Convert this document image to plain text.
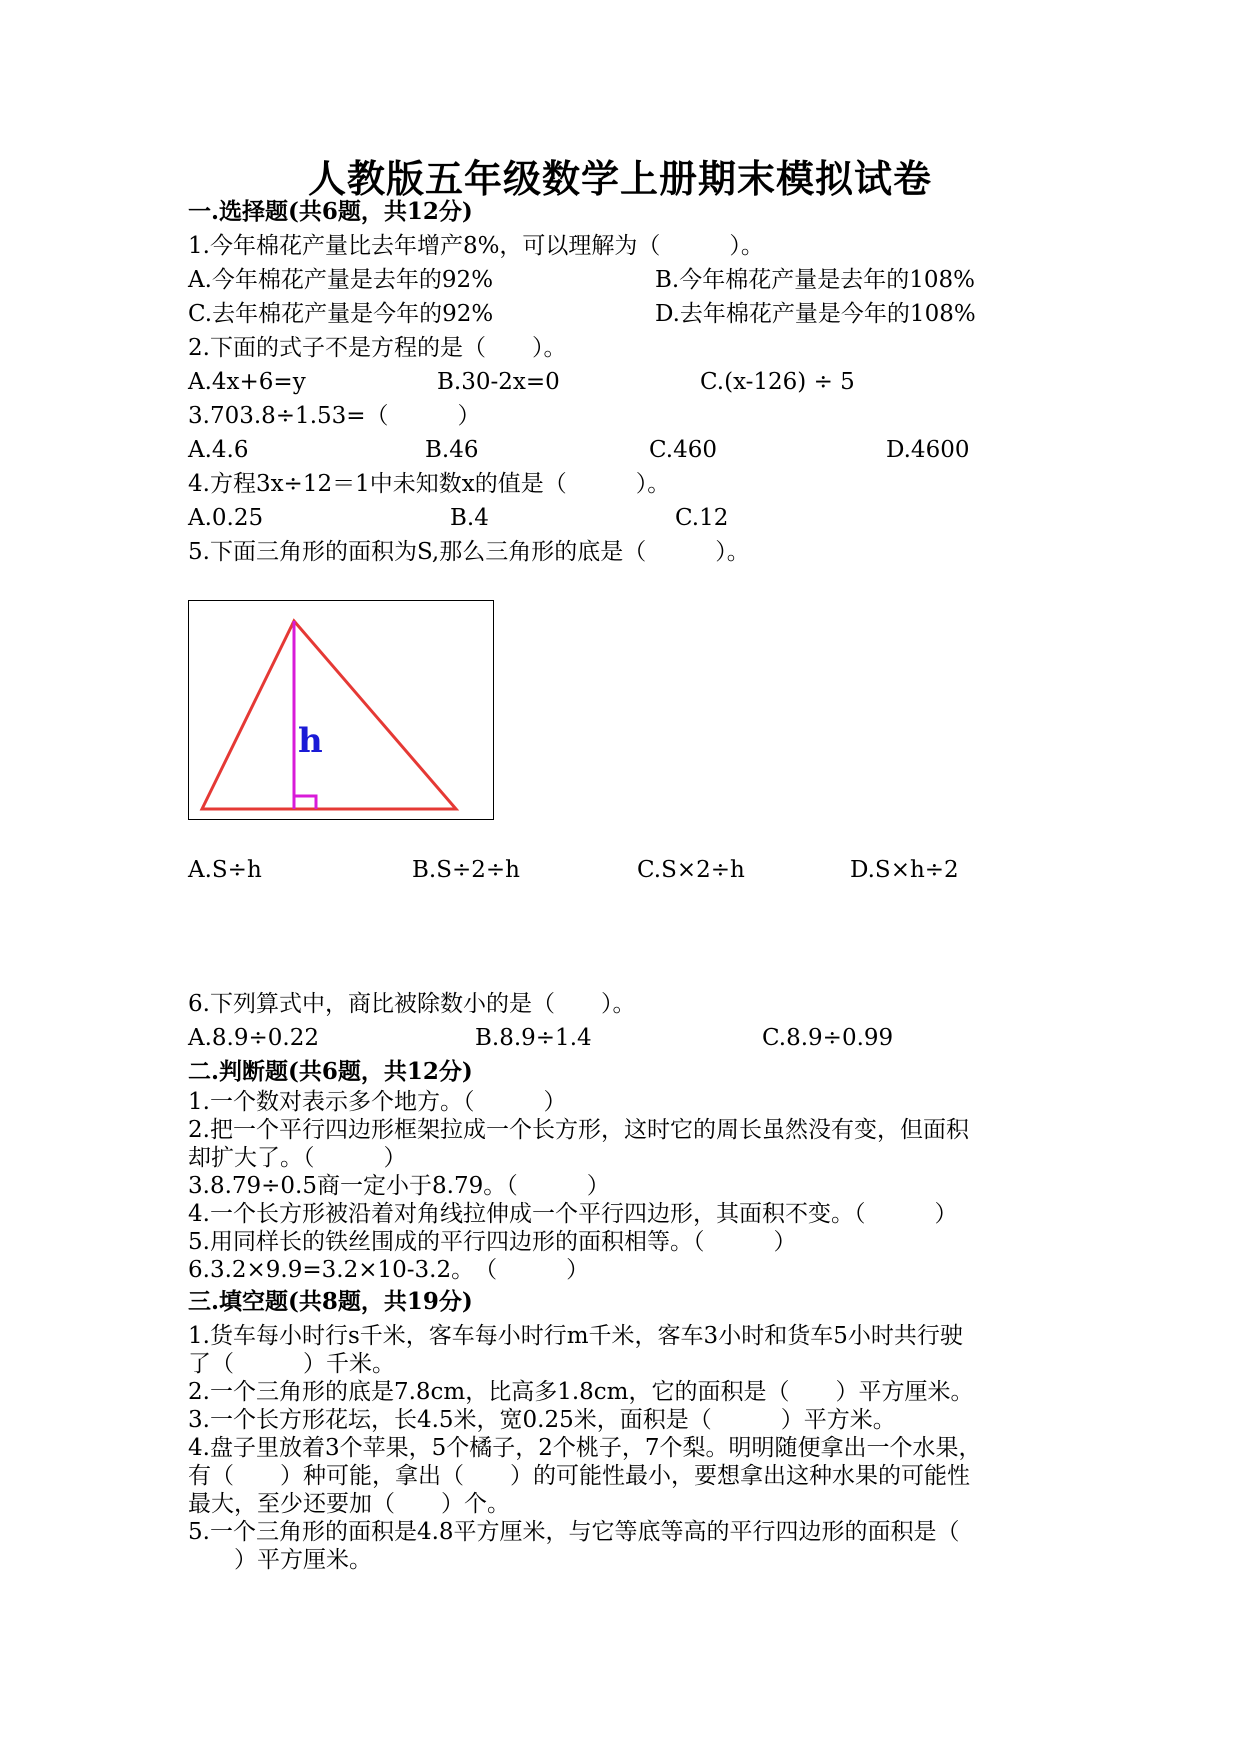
人教版五年级数学上册期末模拟试卷
一.选择题(共6题，共12分)
1.今年棉花产量比去年增产8%，可以理解为（　　　）。
A.今年棉花产量是去年的92%	B.今年棉花产量是去年的108%
C.去年棉花产量是今年的92%	D.去年棉花产量是今年的108%
2.下面的式子不是方程的是（　　）。
A.4x+6=y	B.30-2x=0	C.(x-126) ÷ 5
3.703.8÷1.53=（　　　）
A.4.6	B.46	C.460	D.4600
4.方程3x÷12＝1中未知数x的值是（　　　）。
A.0.25	B.4	C.12
5.下面三角形的面积为S,那么三角形的底是（　　　）。
h
A.S÷h	B.S÷2÷h	C.S×2÷h	D.S×h÷2
6.下列算式中，商比被除数小的是（　　）。
A.8.9÷0.22	B.8.9÷1.4	C.8.9÷0.99
二.判断题(共6题，共12分)
1.一个数对表示多个地方。（　　　）
2.把一个平行四边形框架拉成一个长方形，这时它的周长虽然没有变，但面积
却扩大了。（　　　）
3.8.79÷0.5商一定小于8.79。（　　　）
4.一个长方形被沿着对角线拉伸成一个平行四边形，其面积不变。（　　　）
5.用同样长的铁丝围成的平行四边形的面积相等。（　　　）
6.3.2×9.9=3.2×10-3.2。　（　　　）
三.填空题(共8题，共19分)
1.货车每小时行s千米，客车每小时行m千米，客车3小时和货车5小时共行驶
了（　　　）千米。
2.一个三角形的底是7.8cm，比高多1.8cm，它的面积是（　　）平方厘米。
3.一个长方形花坛，长4.5米，宽0.25米，面积是（　　　）平方米。
4.盘子里放着3个苹果，5个橘子，2个桃子，7个梨。明明随便拿出一个水果，
有（　　）种可能，拿出（　　）的可能性最小，要想拿出这种水果的可能性
最大，至少还要加（　　）个。
5.一个三角形的面积是4.8平方厘米，与它等底等高的平行四边形的面积是（
　　）平方厘米。
